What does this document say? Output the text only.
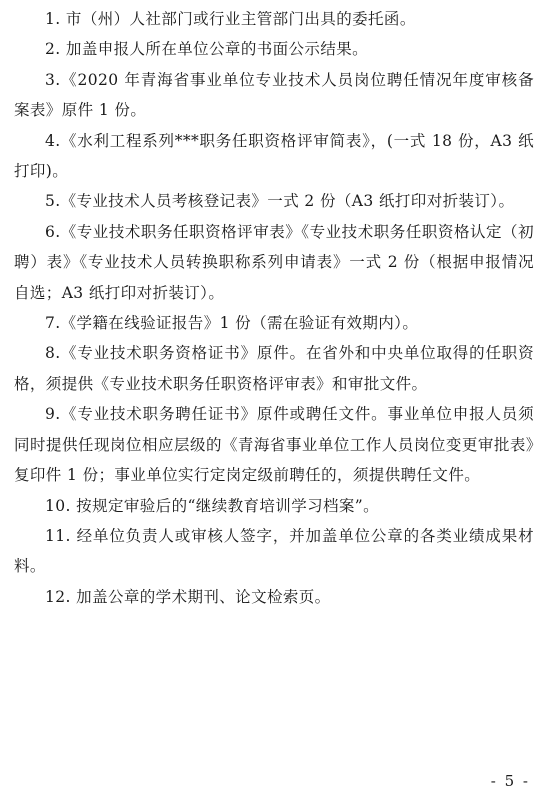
1. 市（州）人社部门或行业主管部门出具的委托函。

2. 加盖申报人所在单位公章的书面公示结果。

3.《2020 年青海省事业单位专业技术人员岗位聘任情况年度审核备案表》原件 1 份。

4.《水利工程系列***职务任职资格评审简表》，(一式 18 份，A3 纸打印)。

5.《专业技术人员考核登记表》一式 2 份（A3 纸打印对折装订）。

6.《专业技术职务任职资格评审表》《专业技术职务任职资格认定（初聘）表》《专业技术人员转换职称系列申请表》一式 2 份（根据申报情况自选；A3 纸打印对折装订）。

7.《学籍在线验证报告》1 份（需在验证有效期内）。

8.《专业技术职务资格证书》原件。在省外和中央单位取得的任职资格，须提供《专业技术职务任职资格评审表》和审批文件。

9.《专业技术职务聘任证书》原件或聘任文件。事业单位申报人员须同时提供任现岗位相应层级的《青海省事业单位工作人员岗位变更审批表》复印件 1 份；事业单位实行定岗定级前聘任的，须提供聘任文件。

10. 按规定审验后的“继续教育培训学习档案”。

11. 经单位负责人或审核人签字，并加盖单位公章的各类业绩成果材料。

12. 加盖公章的学术期刊、论文检索页。

- 5 -
